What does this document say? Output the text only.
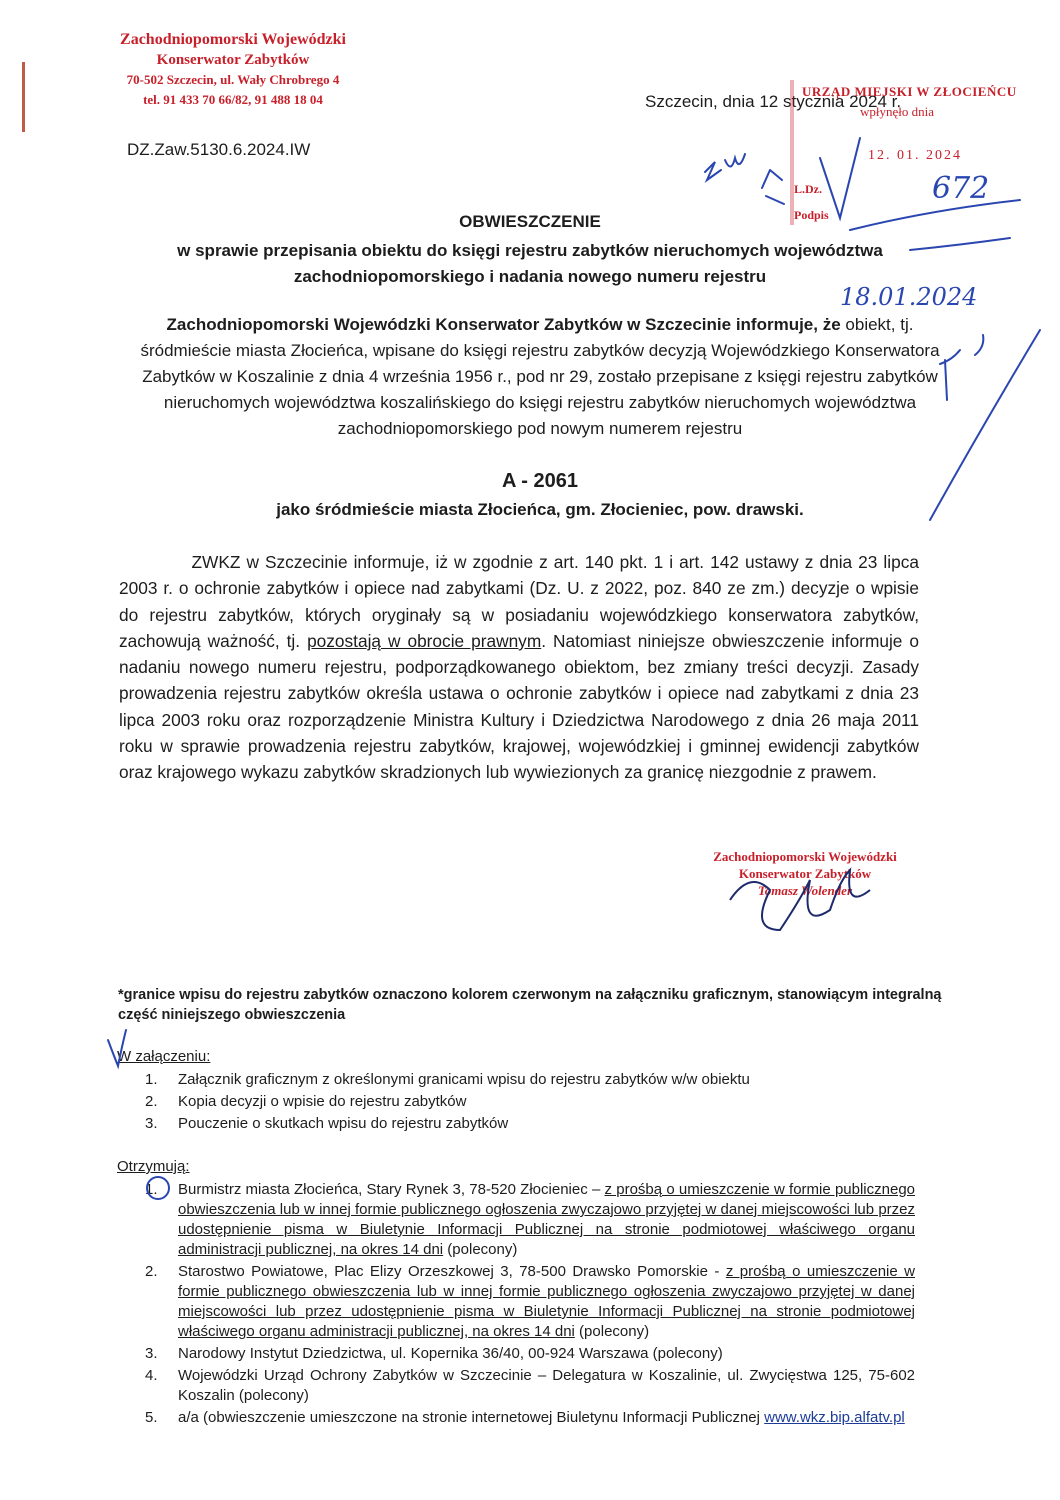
Zachodniopomorski Wojewódzki
Konserwator Zabytków
70-502 Szczecin, ul. Wały Chrobrego 4
tel. 91 433 70 66/82, 91 488 18 04	Szczecin, dnia 12 stycznia 2024 r.
DZ.Zaw.5130.6.2024.IW
URZĄD MIEJSKI W ZŁOCIEŃCU
wpłynęło dnia
12. 01. 2024
L.Dz.
Podpis
OBWIESZCZENIE
w sprawie przepisania obiektu do księgi rejestru zabytków nieruchomych województwa zachodniopomorskiego i nadania nowego numeru rejestru
Zachodniopomorski Wojewódzki Konserwator Zabytków w Szczecinie informuje, że obiekt, tj. śródmieście miasta Złocieńca, wpisane do księgi rejestru zabytków decyzją Wojewódzkiego Konserwatora Zabytków w Koszalinie z dnia 4 września 1956 r., pod nr 29, zostało przepisane z księgi rejestru zabytków nieruchomych województwa koszalińskiego do księgi rejestru zabytków nieruchomych województwa zachodniopomorskiego pod nowym numerem rejestru
A - 2061
jako śródmieście miasta Złocieńca, gm. Złocieniec, pow. drawski.
ZWKZ w Szczecinie informuje, iż w zgodnie z art. 140 pkt. 1 i art. 142 ustawy z dnia 23 lipca 2003 r. o ochronie zabytków i opiece nad zabytkami (Dz. U. z 2022, poz. 840 ze zm.) decyzje o wpisie do rejestru zabytków, których oryginały są w posiadaniu wojewódzkiego konserwatora zabytków, zachowują ważność, tj. pozostają w obrocie prawnym. Natomiast niniejsze obwieszczenie informuje o nadaniu nowego numeru rejestru, podporządkowanego obiektom, bez zmiany treści decyzji. Zasady prowadzenia rejestru zabytków określa ustawa o ochronie zabytków i opiece nad zabytkami z dnia 23 lipca 2003 roku oraz rozporządzenie Ministra Kultury i Dziedzictwa Narodowego z dnia 26 maja 2011 roku w sprawie prowadzenia rejestru zabytków, krajowej, wojewódzkiej i gminnej ewidencji zabytków oraz krajowego wykazu zabytków skradzionych lub wywiezionych za granicę niezgodnie z prawem.
Zachodniopomorski Wojewódzki
Konserwator Zabytków
Tomasz Wolender
*granice wpisu do rejestru zabytków oznaczono kolorem czerwonym na załączniku graficznym, stanowiącym integralną część niniejszego obwieszczenia
W załączeniu:
1. Załącznik graficznym z określonymi granicami wpisu do rejestru zabytków w/w obiektu
2. Kopia decyzji o wpisie do rejestru zabytków
3. Pouczenie o skutkach wpisu do rejestru zabytków
Otrzymują:
1. Burmistrz miasta Złocieńca, Stary Rynek 3, 78-520 Złocieniec – z prośbą o umieszczenie w formie publicznego obwieszczenia lub w innej formie publicznego ogłoszenia zwyczajowo przyjętej w danej miejscowości lub przez udostępnienie pisma w Biuletynie Informacji Publicznej na stronie podmiotowej właściwego organu administracji publicznej, na okres 14 dni (polecony)
2. Starostwo Powiatowe, Plac Elizy Orzeszkowej 3, 78-500 Drawsko Pomorskie - z prośbą o umieszczenie w formie publicznego obwieszczenia lub w innej formie publicznego ogłoszenia zwyczajowo przyjętej w danej miejscowości lub przez udostępnienie pisma w Biuletynie Informacji Publicznej na stronie podmiotowej właściwego organu administracji publicznej, na okres 14 dni (polecony)
3. Narodowy Instytut Dziedzictwa, ul. Kopernika 36/40, 00-924 Warszawa (polecony)
4. Wojewódzki Urząd Ochrony Zabytków w Szczecinie – Delegatura w Koszalinie, ul. Zwycięstwa 125, 75-602 Koszalin (polecony)
5. a/a (obwieszczenie umieszczone na stronie internetowej Biuletynu Informacji Publicznej www.wkz.bip.alfatv.pl
672
18.01.2024
